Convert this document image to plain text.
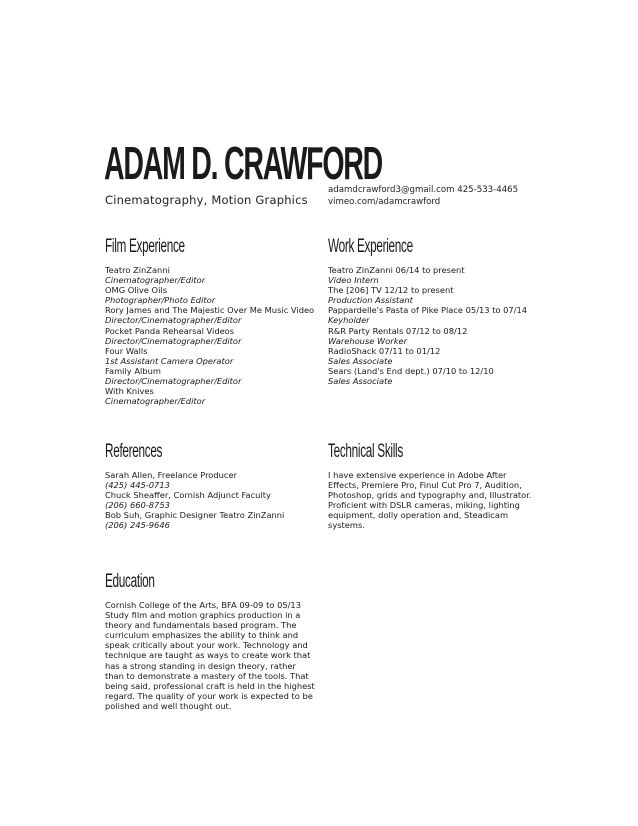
ADAM D. CRAWFORD
Cinematography, Motion Graphics
adamdcrawford3@gmail.com 425-533-4465
vimeo.com/adamcrawford
Film Experience
Teatro ZinZanni
Cinematographer/Editor
OMG Olive Oils
Photographer/Photo Editor
Rory James and The Majestic Over Me Music Video
Director/Cinematographer/Editor
Pocket Panda Rehearsal Videos
Director/Cinematographer/Editor
Four Walls
1st Assistant Camera Operator
Family Album
Director/Cinematographer/Editor
With Knives
Cinematographer/Editor
Work Experience
Teatro ZinZanni 06/14 to present
Video Intern
The [206] TV 12/12 to present
Production Assistant
Pappardelle's Pasta of Pike Place 05/13 to 07/14
Keyholder
R&R Party Rentals 07/12 to 08/12
Warehouse Worker
RadioShack 07/11 to 01/12
Sales Associate
Sears (Land's End dept.) 07/10 to 12/10
Sales Associate
References
Sarah Allen, Freelance Producer
(425) 445-0713
Chuck Sheaffer, Cornish Adjunct Faculty
(206) 660-8753
Bob Suh, Graphic Designer Teatro ZinZanni
(206) 245-9646
Technical Skills
I have extensive experience in Adobe After Effects, Premiere Pro, Finul Cut Pro 7, Audition, Photoshop, grids and typography and, Illustrator. Proficient with DSLR cameras, miking, lighting equipment, dolly operation and, Steadicam systems.
Education
Cornish College of the Arts, BFA 09-09 to 05/13 Study film and motion graphics production in a theory and fundamentals based program. The curriculum emphasizes the ability to think and speak critically about your work. Technology and technique are taught as ways to create work that has a strong standing in design theory, rather than to demonstrate a mastery of the tools. That being said, professional craft is held in the highest regard. The quality of your work is expected to be polished and well thought out.
